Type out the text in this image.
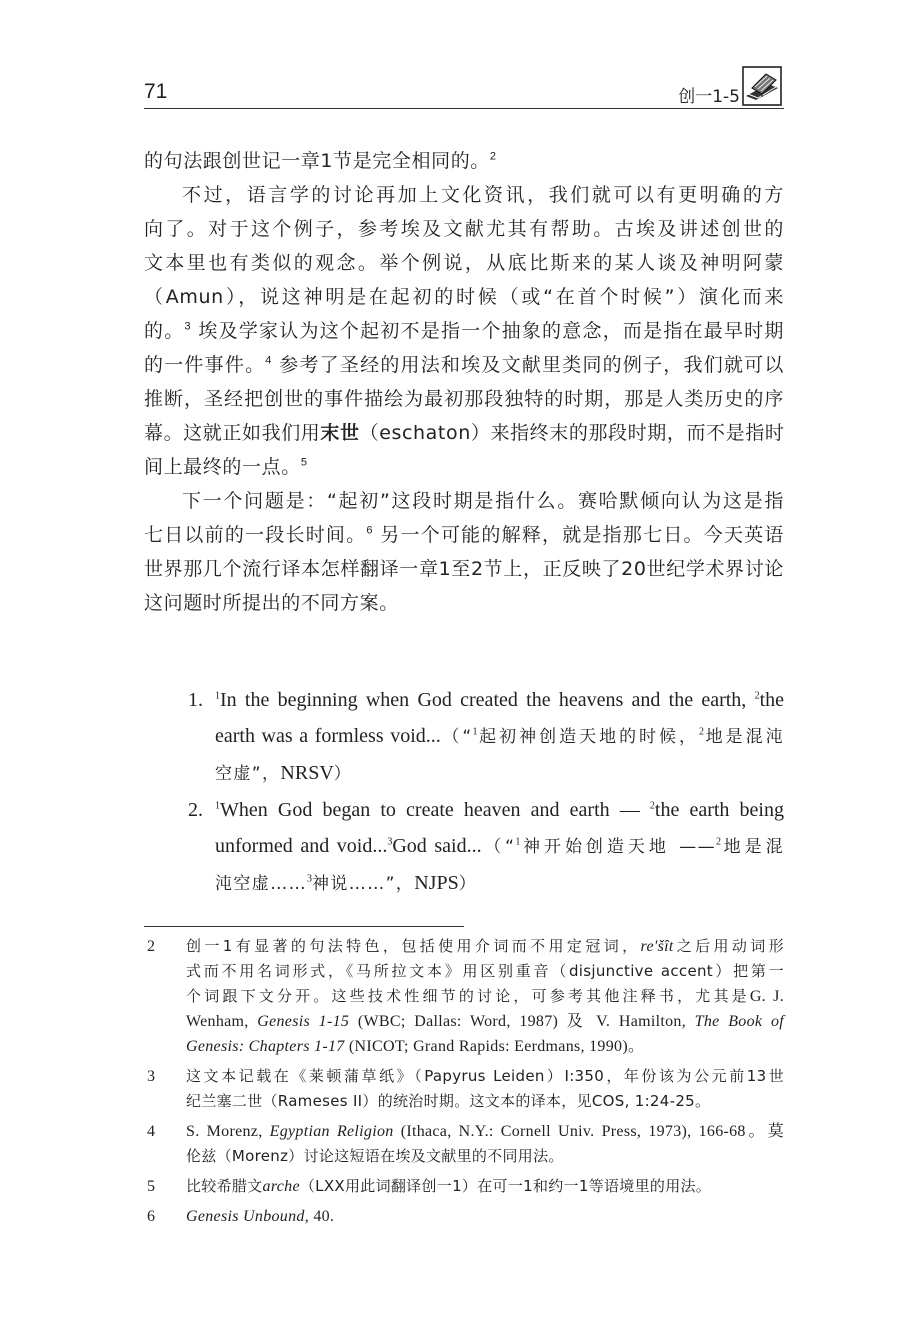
71	创一1-5
的句法跟创世记一章1节是完全相同的。$^2$
不过，语言学的讨论再加上文化资讯，我们就可以有更明确的方
向了。对于这个例子，参考埃及文献尤其有帮助。古埃及讲述创世的
文本里也有类似的观念。举个例说，从底比斯来的某人谈及神明阿蒙
（Amun），说这神明是在起初的时候（或“在首个时候”）演化而来
的。$^3$ 埃及学家认为这个起初不是指一个抽象的意念，而是指在最早时期
的一件事件。$^4$ 参考了圣经的用法和埃及文献里类同的例子，我们就可以
推断，圣经把创世的事件描绘为最初那段独特的时期，那是人类历史的序
幕。这就正如我们用末世（eschaton）来指终末的那段时期，而不是指时
间上最终的一点。$^5$
下一个问题是：“起初”这段时期是指什么。赛哈默倾向认为这是指
七日以前的一段长时间。$^6$ 另一个可能的解释，就是指那七日。今天英语
世界那几个流行译本怎样翻译一章1至2节上，正反映了20世纪学术界讨论
这问题时所提出的不同方案。
1. $^1$In the beginning when God created the heavens and the earth, $^2$the
earth was a formless void...（“$^1$起初神创造天地的时候，$^2$地是混沌
空虚”，NRSV）
2. $^1$When God began to create heaven and earth — $^2$the earth being
unformed and void...$^3$God said...（“$^1$神开始创造天地 ——$^2$地是混
沌空虚……$^3$神说……”，NJPS）
2 创一1有显著的句法特色，包括使用介词而不用定冠词，re'šît之后用动词形
式而不用名词形式，《马所拉文本》用区别重音（disjunctive accent）把第一
个词跟下文分开。这些技术性细节的讨论，可参考其他注释书，尤其是G. J.
Wenham, Genesis 1-15 (WBC; Dallas: Word, 1987) 及 V. Hamilton, The Book of
Genesis: Chapters 1-17 (NICOT; Grand Rapids: Eerdmans, 1990)。
3 这文本记载在《莱顿蒲草纸》（Papyrus Leiden）I:350，年份该为公元前13世
纪兰塞二世（Rameses II）的统治时期。这文本的译本，见COS, 1:24-25。
4 S. Morenz, Egyptian Religion (Ithaca, N.Y.: Cornell Univ. Press, 1973), 166-68。莫
伦兹（Morenz）讨论这短语在埃及文献里的不同用法。
5 比较希腊文arche（LXX用此词翻译创一1）在可一1和约一1等语境里的用法。
6 Genesis Unbound, 40.
